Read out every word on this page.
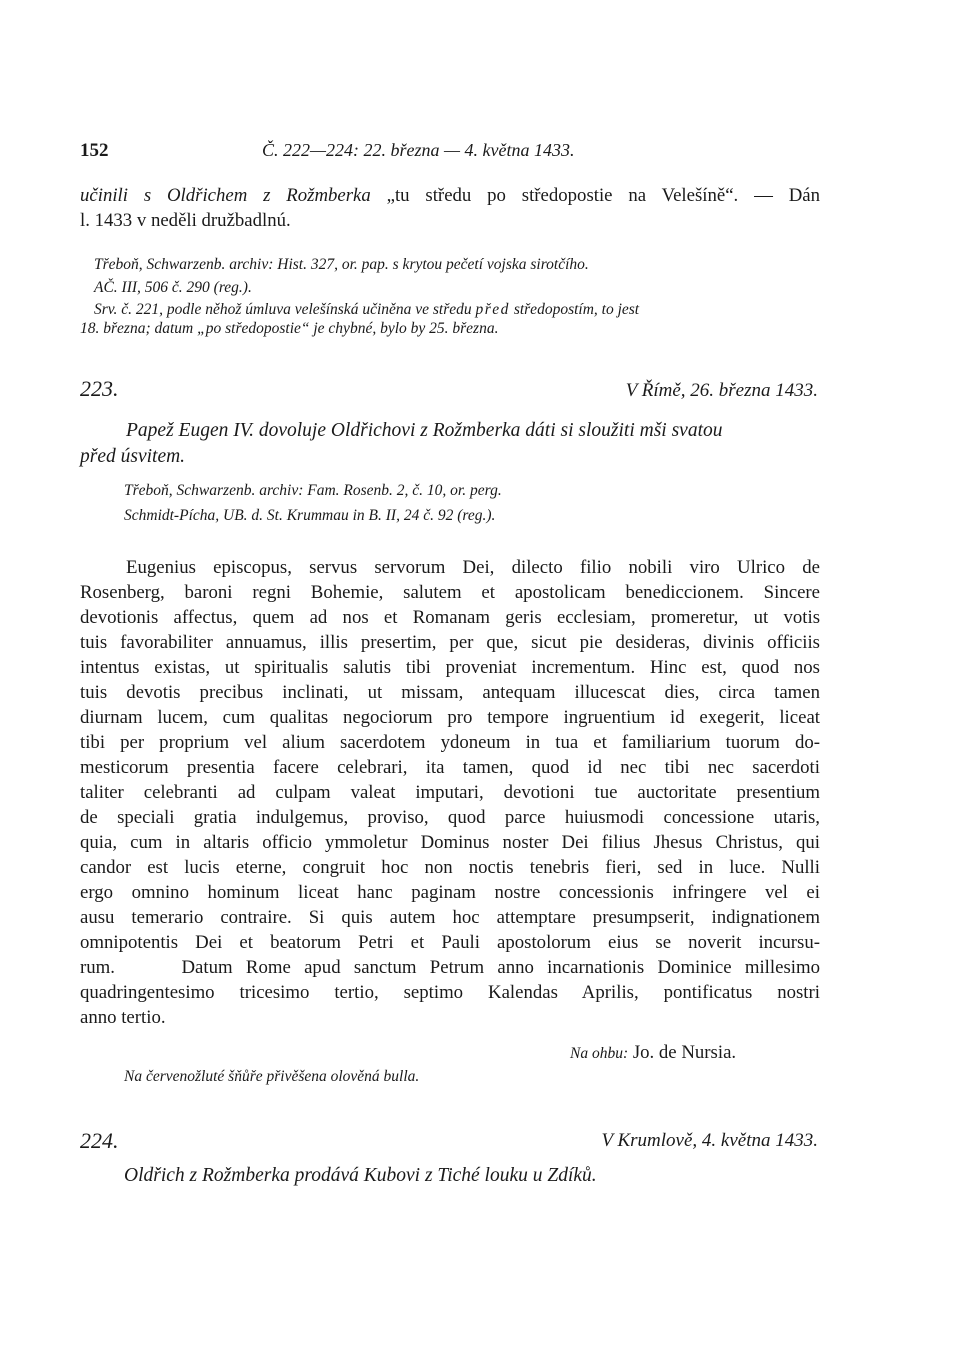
152	Č. 222—224: 22. března — 4. května 1433.

učinili s Oldřichem z Rožmberka „tu středu po středopostie na Velešíně“. — Dán
l. 1433 v neděli družbadlnú.
Třeboň, Schwarzenb. archiv: Hist. 327, or. pap. s krytou pečetí vojska sirotčího.
AČ. III, 506 č. 290 (reg.).
Srv. č. 221, podle něhož úmluva velešínská učiněna ve středu před středopostím, to jest

18. března; datum „po středopostie“ je chybné, bylo by 25. března.

223.	V Římě, 26. března 1433.

Papež Eugen IV. dovoluje Oldřichovi z Rožmberka dáti si sloužiti mši svatou
před úsvitem.

Třeboň, Schwarzenb. archiv: Fam. Rosenb. 2, č. 10, or. perg.

Schmidt-Pícha, UB. d. St. Krummau in B. II, 24 č. 92 (reg.).

Eugenius episcopus, servus servorum Dei, dilecto filio nobili viro Ulrico de
Rosenberg, baroni regni Bohemie, salutem et apostolicam benediccionem. Sincere
devotionis affectus, quem ad nos et Romanam geris ecclesiam, promeretur, ut votis
tuis favorabiliter annuamus, illis presertim, per que, sicut pie desideras, divinis officiis
intentus existas, ut spiritualis salutis tibi proveniat incrementum. Hinc est, quod nos
tuis devotis precibus inclinati, ut missam, antequam illucescat dies, circa tamen
diurnam lucem, cum qualitas negociorum pro tempore ingruentium id exegerit, liceat
tibi per proprium vel alium sacerdotem ydoneum in tua et familiarium tuorum do-
mesticorum presentia facere celebrari, ita tamen, quod id nec tibi nec sacerdoti
taliter celebranti ad culpam valeat imputari, devotioni tue auctoritate presentium
de speciali gratia indulgemus, proviso, quod parce huiusmodi concessione utaris,
quia, cum in altaris officio ymmoletur Dominus noster Dei filius Jhesus Christus, qui
candor est lucis eterne, congruit hoc non noctis tenebris fieri, sed in luce. Nulli
ergo omnino hominum liceat hanc paginam nostre concessionis infringere vel ei
ausu temerario contraire. Si quis autem hoc attemptare presumpserit, indignationem
omnipotentis Dei et beatorum Petri et Pauli apostolorum eius se noverit incursu-
rum.     Datum Rome apud sanctum Petrum anno incarnationis Dominice millesimo
quadringentesimo tricesimo tertio, septimo Kalendas Aprilis, pontificatus nostri
anno tertio.

Na ohbu: Jo. de Nursia.

Na červenožluté šňůře přivěšena olověná bulla.

224.	V Krumlově, 4. května 1433.

Oldřich z Rožmberka prodává Kubovi z Tiché louku u Zdíků.
